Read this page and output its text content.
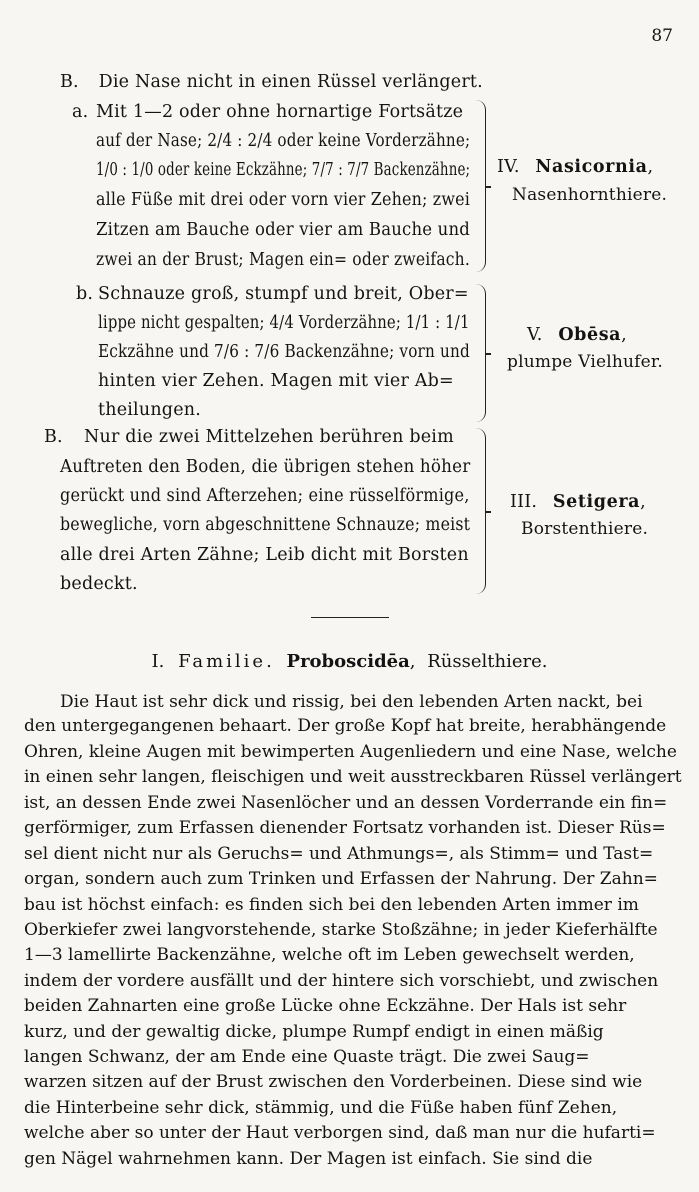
87
B. Die Nase nicht in einen Rüssel verlängert.
a. Mit 1—2 oder ohne hornartige Fortsätze
auf der Nase; 2/4 : 2/4 oder keine Vorderzähne;
1/0 : 1/0 oder keine Eckzähne; 7/7 : 7/7 Backenzähne;
alle Füße mit drei oder vorn vier Zehen; zwei
Zitzen am Bauche oder vier am Bauche und
zwei an der Brust; Magen ein= oder zweifach.
IV. Nasicornia,
Nasenhornthiere.
b. Schnauze groß, stumpf und breit, Ober=
lippe nicht gespalten; 4/4 Vorderzähne; 1/1 : 1/1
Eckzähne und 7/6 : 7/6 Backenzähne; vorn und
hinten vier Zehen. Magen mit vier Ab=
theilungen.
V. Obēsa,
plumpe Vielhufer.
B. Nur die zwei Mittelzehen berühren beim
Auftreten den Boden, die übrigen stehen höher
gerückt und sind Afterzehen; eine rüsselförmige,
bewegliche, vorn abgeschnittene Schnauze; meist
alle drei Arten Zähne; Leib dicht mit Borsten
bedeckt.
III. Setigera,
Borstenthiere.
I. Familie. Proboscidēa, Rüsselthiere.
Die Haut ist sehr dick und rissig, bei den lebenden Arten nackt, bei
den untergegangenen behaart. Der große Kopf hat breite, herabhängende
Ohren, kleine Augen mit bewimperten Augenliedern und eine Nase, welche
in einen sehr langen, fleischigen und weit ausstreckbaren Rüssel verlängert
ist, an dessen Ende zwei Nasenlöcher und an dessen Vorderrande ein fin=
gerförmiger, zum Erfassen dienender Fortsatz vorhanden ist. Dieser Rüs=
sel dient nicht nur als Geruchs= und Athmungs=, als Stimm= und Tast=
organ, sondern auch zum Trinken und Erfassen der Nahrung. Der Zahn=
bau ist höchst einfach: es finden sich bei den lebenden Arten immer im
Oberkiefer zwei langvorstehende, starke Stoßzähne; in jeder Kieferhälfte
1—3 lamellirte Backenzähne, welche oft im Leben gewechselt werden,
indem der vordere ausfällt und der hintere sich vorschiebt, und zwischen
beiden Zahnarten eine große Lücke ohne Eckzähne. Der Hals ist sehr
kurz, und der gewaltig dicke, plumpe Rumpf endigt in einen mäßig
langen Schwanz, der am Ende eine Quaste trägt. Die zwei Saug=
warzen sitzen auf der Brust zwischen den Vorderbeinen. Diese sind wie
die Hinterbeine sehr dick, stämmig, und die Füße haben fünf Zehen,
welche aber so unter der Haut verborgen sind, daß man nur die hufarti=
gen Nägel wahrnehmen kann. Der Magen ist einfach. Sie sind die
